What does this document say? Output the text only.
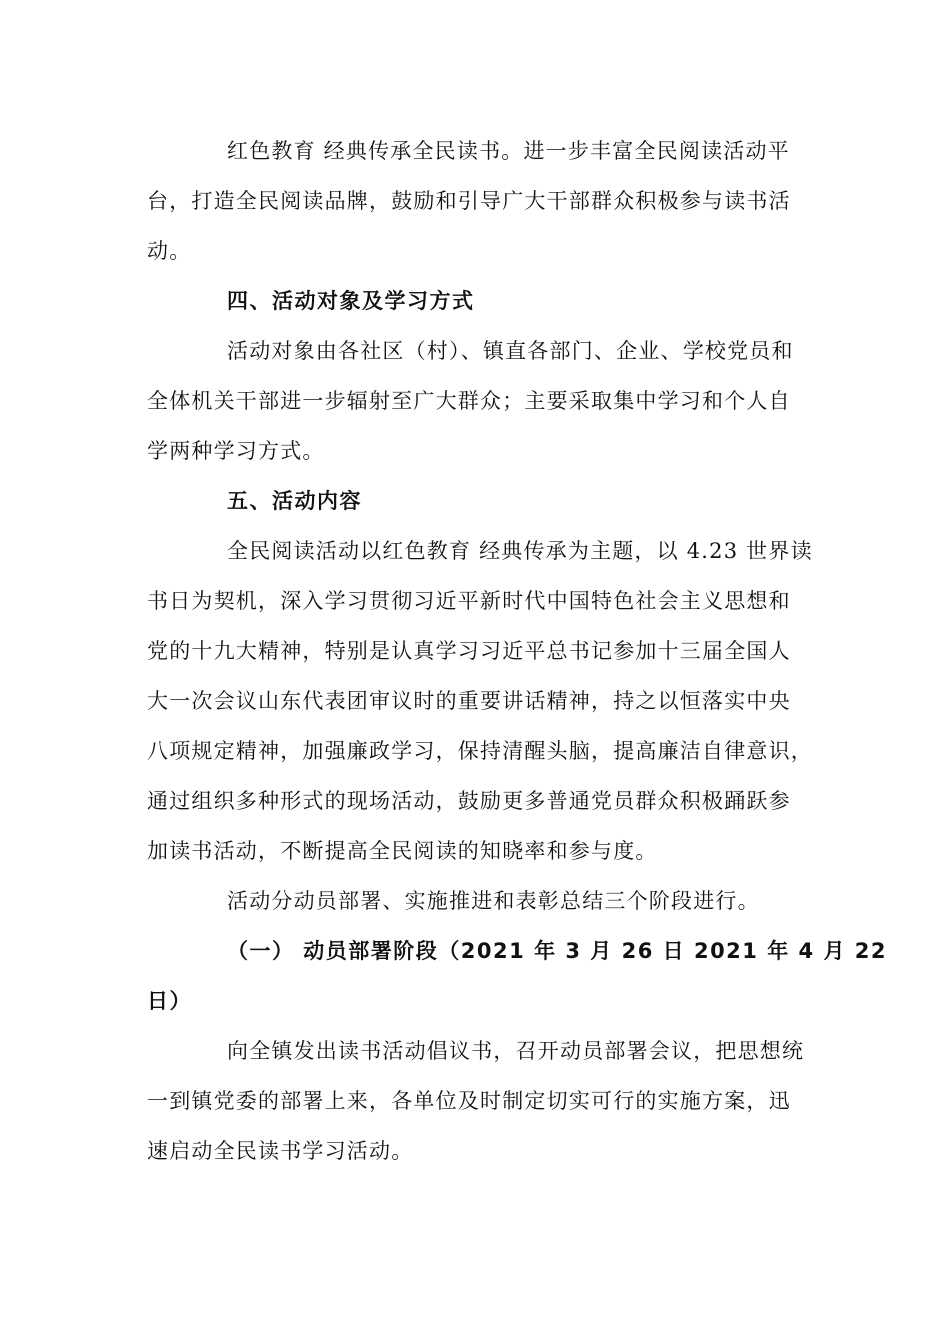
红色教育 经典传承全民读书。进一步丰富全民阅读活动平
台，打造全民阅读品牌，鼓励和引导广大干部群众积极参与读书活
动。
四、活动对象及学习方式
活动对象由各社区（村）、镇直各部门、企业、学校党员和
全体机关干部进一步辐射至广大群众；主要采取集中学习和个人自
学两种学习方式。
五、活动内容
全民阅读活动以红色教育 经典传承为主题，以 4.23 世界读
书日为契机，深入学习贯彻习近平新时代中国特色社会主义思想和
党的十九大精神，特别是认真学习习近平总书记参加十三届全国人
大一次会议山东代表团审议时的重要讲话精神，持之以恒落实中央
八项规定精神，加强廉政学习，保持清醒头脑，提高廉洁自律意识，
通过组织多种形式的现场活动，鼓励更多普通党员群众积极踊跃参
加读书活动，不断提高全民阅读的知晓率和参与度。
活动分动员部署、实施推进和表彰总结三个阶段进行。
（一） 动员部署阶段（2021 年 3 月 26 日 2021 年 4 月 22
日）
向全镇发出读书活动倡议书，召开动员部署会议，把思想统
一到镇党委的部署上来，各单位及时制定切实可行的实施方案，迅
速启动全民读书学习活动。
